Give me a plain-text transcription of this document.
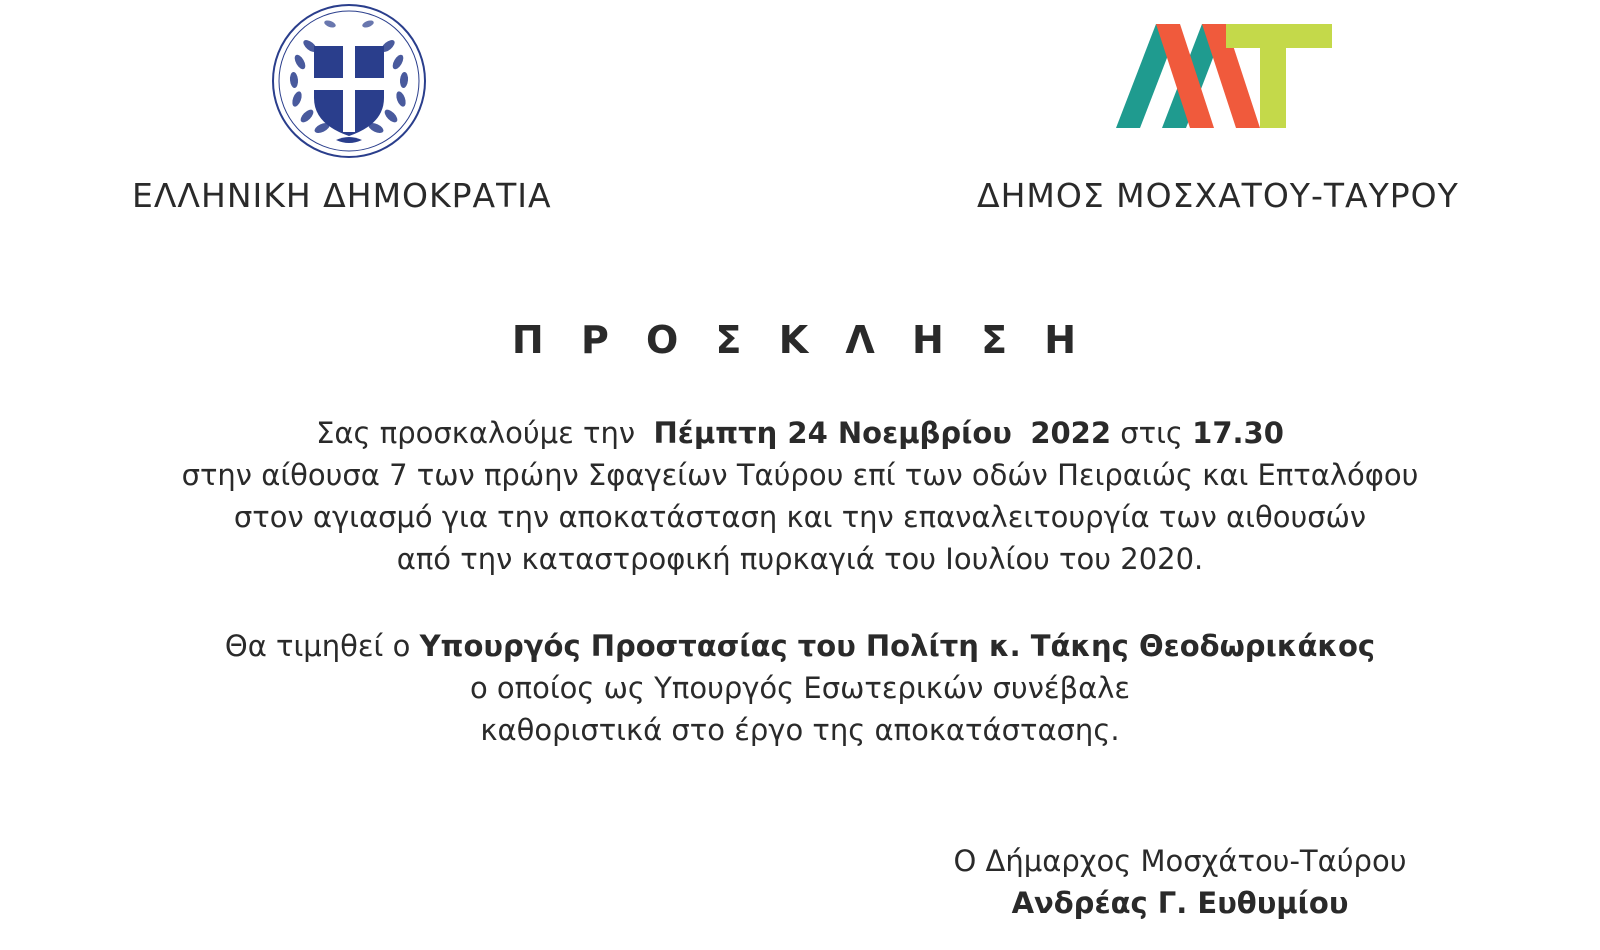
ΕΛΛΗΝΙΚΗ ΔΗΜΟΚΡΑΤΙΑ	ΔΗΜΟΣ ΜΟΣΧΑΤΟΥ-ΤΑΥΡΟΥ
Π Ρ Ο Σ Κ Λ Η Σ Η
Σας προσκαλούμε την Πέμπτη 24 Νοεμβρίου 2022 στις 17.30
στην αίθουσα 7 των πρώην Σφαγείων Ταύρου επί των οδών Πειραιώς και Επταλόφου
στον αγιασμό για την αποκατάσταση και την επαναλειτουργία των αιθουσών
από την καταστροφική πυρκαγιά του Ιουλίου του 2020.
Θα τιμηθεί ο Υπουργός Προστασίας του Πολίτη κ. Τάκης Θεοδωρικάκος
ο οποίος ως Υπουργός Εσωτερικών συνέβαλε
καθοριστικά στο έργο της αποκατάστασης.
Ο Δήμαρχος Μοσχάτου-Ταύρου
Ανδρέας Γ. Ευθυμίου
